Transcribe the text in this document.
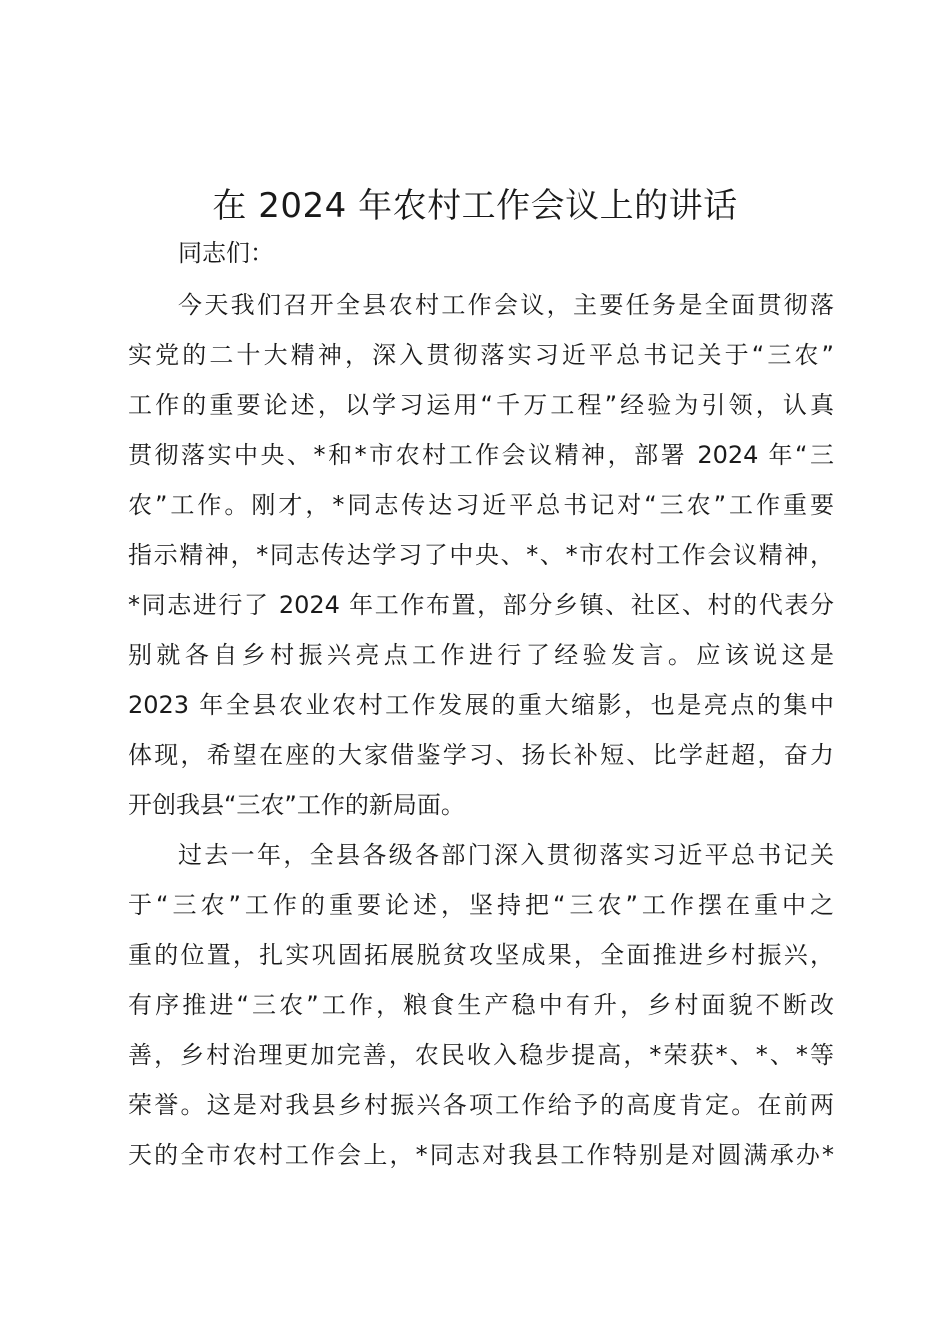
在 2024 年农村工作会议上的讲话

同志们：

今天我们召开全县农村工作会议，主要任务是全面贯彻落
实党的二十大精神，深入贯彻落实习近平总书记关于“三农”
工作的重要论述，以学习运用“千万工程”经验为引领，认真
贯彻落实中央、*和*市农村工作会议精神，部署 2024 年“三
农”工作。刚才，*同志传达习近平总书记对“三农”工作重要
指示精神，*同志传达学习了中央、*、*市农村工作会议精神，
*同志进行了 2024 年工作布置，部分乡镇、社区、村的代表分
别就各自乡村振兴亮点工作进行了经验发言。应该说这是
2023 年全县农业农村工作发展的重大缩影，也是亮点的集中
体现，希望在座的大家借鉴学习、扬长补短、比学赶超，奋力
开创我县“三农”工作的新局面。
过去一年，全县各级各部门深入贯彻落实习近平总书记关
于“三农”工作的重要论述，坚持把“三农”工作摆在重中之
重的位置，扎实巩固拓展脱贫攻坚成果，全面推进乡村振兴，
有序推进“三农”工作，粮食生产稳中有升，乡村面貌不断改
善，乡村治理更加完善，农民收入稳步提高，*荣获*、*、*等
荣誉。这是对我县乡村振兴各项工作给予的高度肯定。在前两
天的全市农村工作会上，*同志对我县工作特别是对圆满承办*
